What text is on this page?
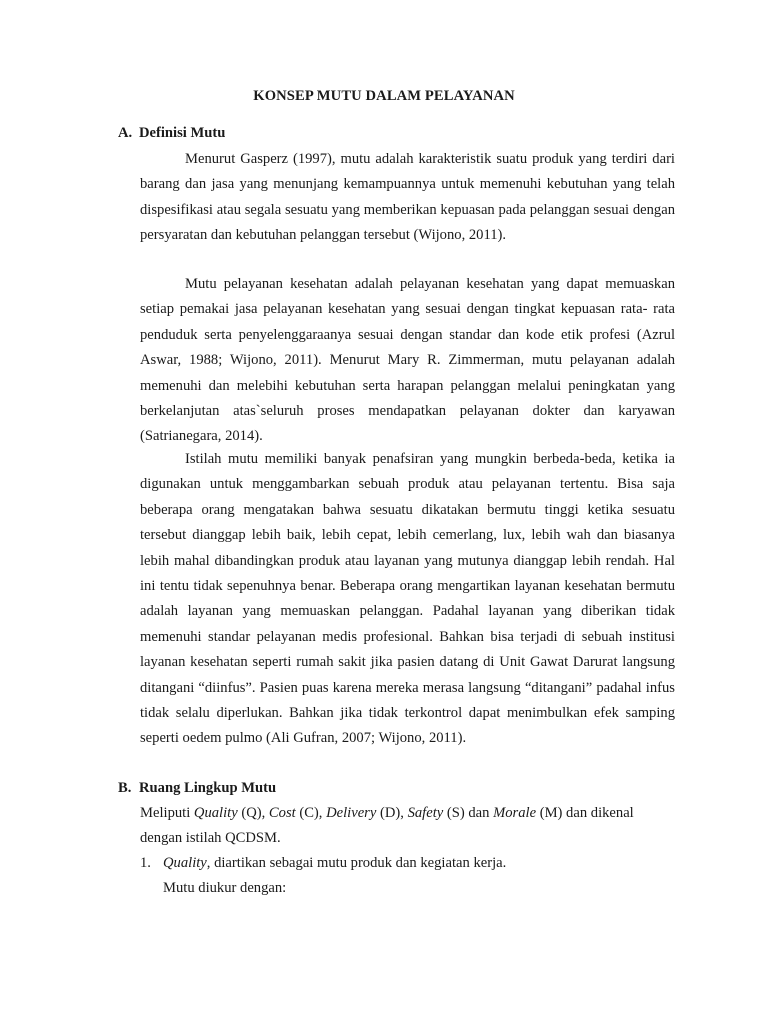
KONSEP MUTU DALAM PELAYANAN
A. Definisi Mutu

Menurut Gasperz (1997), mutu adalah karakteristik suatu produk yang terdiri dari barang dan jasa yang menunjang kemampuannya untuk memenuhi kebutuhan yang telah dispesifikasi atau segala sesuatu yang memberikan kepuasan pada pelanggan sesuai dengan persyaratan dan kebutuhan pelanggan tersebut (Wijono, 2011).

Mutu pelayanan kesehatan adalah pelayanan kesehatan yang dapat memuaskan setiap pemakai jasa pelayanan kesehatan yang sesuai dengan tingkat kepuasan rata- rata penduduk serta penyelenggaraanya sesuai dengan standar dan kode etik profesi (Azrul Aswar, 1988; Wijono, 2011). Menurut Mary R. Zimmerman, mutu pelayanan adalah memenuhi dan melebihi kebutuhan serta harapan pelanggan melalui peningkatan yang berkelanjutan atas`seluruh proses mendapatkan pelayanan dokter dan karyawan (Satrianegara, 2014).

Istilah mutu memiliki banyak penafsiran yang mungkin berbeda-beda, ketika ia digunakan untuk menggambarkan sebuah produk atau pelayanan tertentu. Bisa saja beberapa orang mengatakan bahwa sesuatu dikatakan bermutu tinggi ketika sesuatu tersebut dianggap lebih baik, lebih cepat, lebih cemerlang, lux, lebih wah dan biasanya lebih mahal dibandingkan produk atau layanan yang mutunya dianggap lebih rendah. Hal ini tentu tidak sepenuhnya benar. Beberapa orang mengartikan layanan kesehatan bermutu adalah layanan yang memuaskan pelanggan. Padahal layanan yang diberikan tidak memenuhi standar pelayanan medis profesional. Bahkan bisa terjadi di sebuah institusi layanan kesehatan seperti rumah sakit jika pasien datang di Unit Gawat Darurat langsung ditangani “diinfus”. Pasien puas karena mereka merasa langsung “ditangani” padahal infus tidak selalu diperlukan. Bahkan jika tidak terkontrol dapat menimbulkan efek samping seperti oedem pulmo (Ali Gufran, 2007; Wijono, 2011).

B. Ruang Lingkup Mutu

Meliputi Quality (Q), Cost (C), Delivery (D), Safety (S) dan Morale (M) dan dikenal dengan istilah QCDSM.

1. Quality, diartikan sebagai mutu produk dan kegiatan kerja.
Mutu diukur dengan:
